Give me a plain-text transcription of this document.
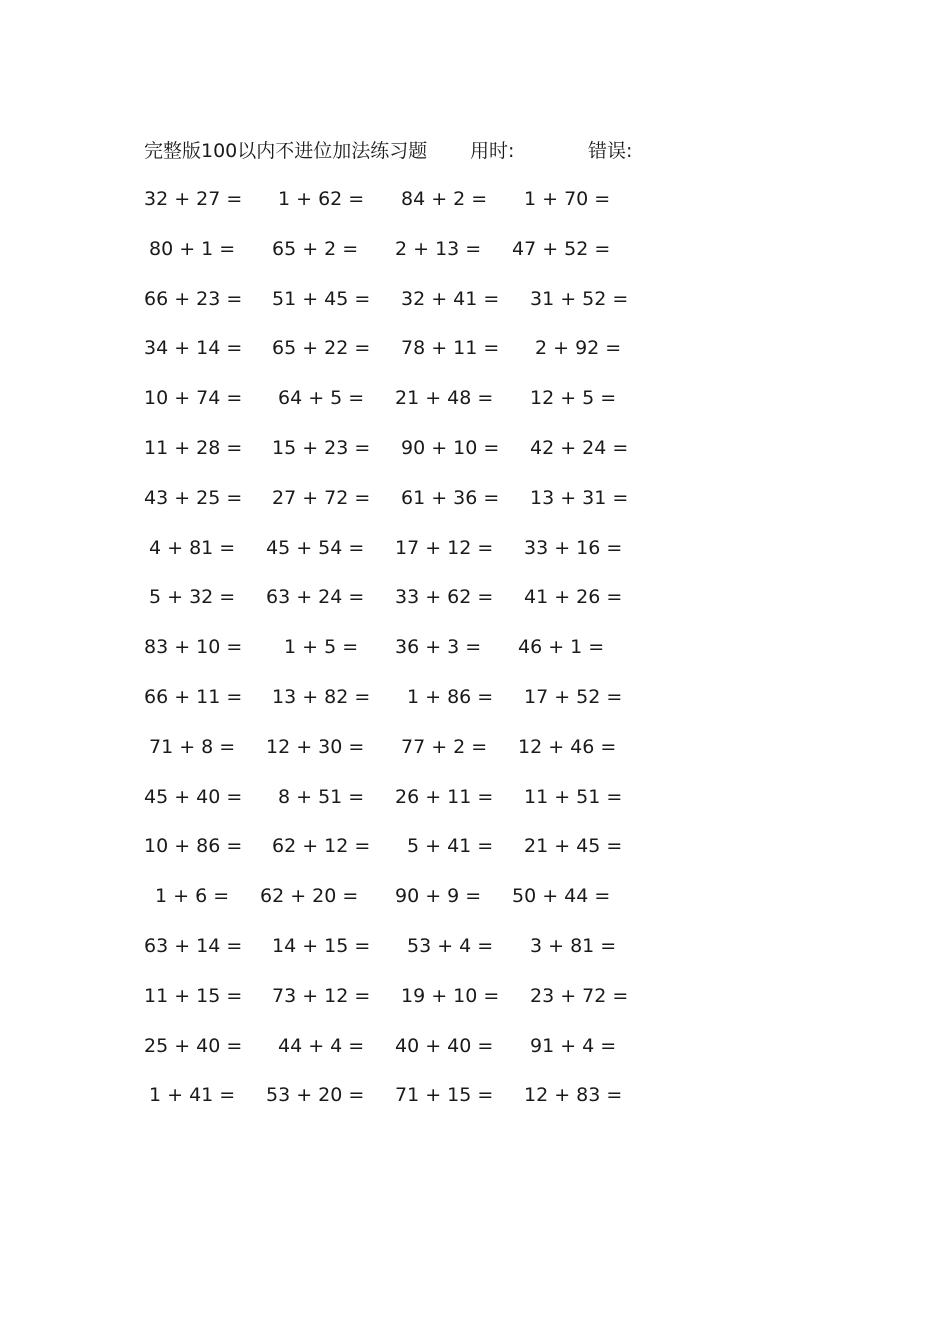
完整版100以内不进位加法练习题 用时:	错误:
32 + 27 = 1 + 62 = 84 + 2 = 1 + 70 =
80 + 1 = 65 + 2 = 2 + 13 = 47 + 52 =
66 + 23 = 51 + 45 = 32 + 41 = 31 + 52 =
34 + 14 = 65 + 22 = 78 + 11 = 2 + 92 =
10 + 74 = 64 + 5 = 21 + 48 = 12 + 5 =
11 + 28 = 15 + 23 = 90 + 10 = 42 + 24 =
43 + 25 = 27 + 72 = 61 + 36 = 13 + 31 =
4 + 81 = 45 + 54 = 17 + 12 = 33 + 16 =
5 + 32 = 63 + 24 = 33 + 62 = 41 + 26 =
83 + 10 = 1 + 5 = 36 + 3 = 46 + 1 =
66 + 11 = 13 + 82 = 1 + 86 = 17 + 52 =
71 + 8 = 12 + 30 = 77 + 2 = 12 + 46 =
45 + 40 = 8 + 51 = 26 + 11 = 11 + 51 =
10 + 86 = 62 + 12 = 5 + 41 = 21 + 45 =
1 + 6 = 62 + 20 = 90 + 9 = 50 + 44 =
63 + 14 = 14 + 15 = 53 + 4 = 3 + 81 =
11 + 15 = 73 + 12 = 19 + 10 = 23 + 72 =
25 + 40 = 44 + 4 = 40 + 40 = 91 + 4 =
1 + 41 = 53 + 20 = 71 + 15 = 12 + 83 =
